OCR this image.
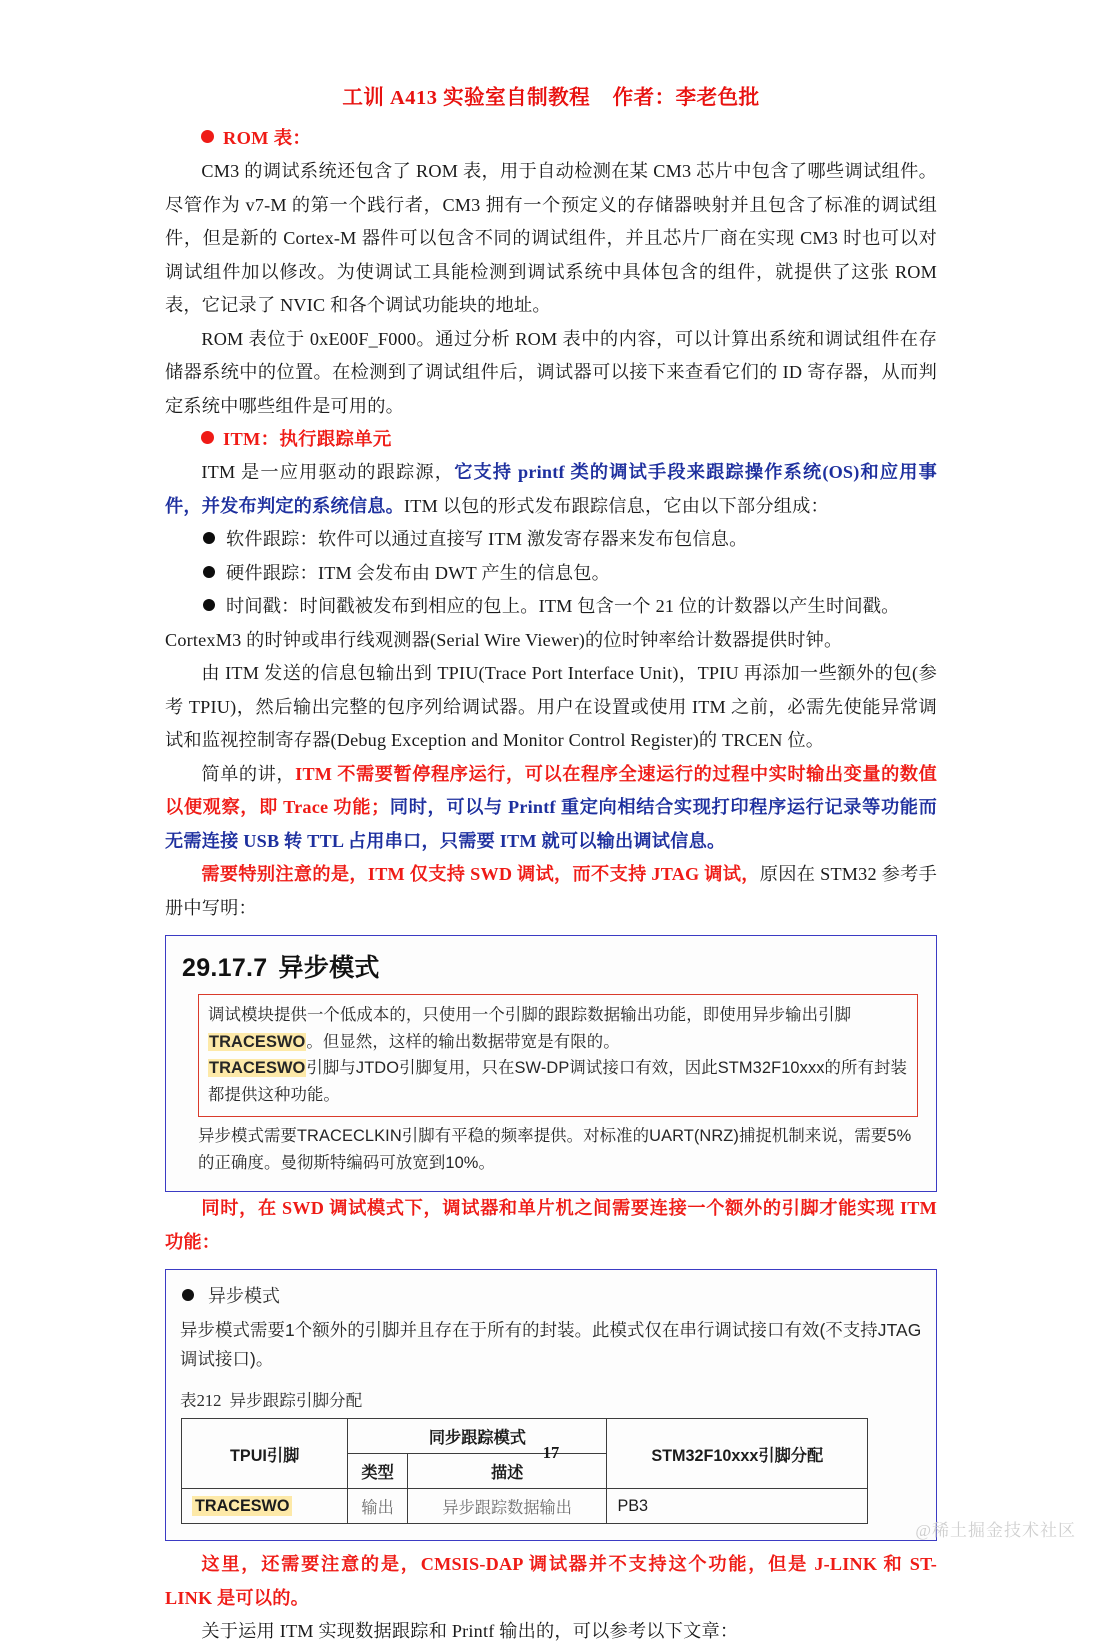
工训 A413 实验室自制教程    作者：李老色批

ROM 表：

CM3 的调试系统还包含了 ROM 表，用于自动检测在某 CM3 芯片中包含了哪些调试组件。尽管作为 v7-M 的第一个践行者，CM3 拥有一个预定义的存储器映射并且包含了标准的调试组件，但是新的 Cortex-M 器件可以包含不同的调试组件，并且芯片厂商在实现 CM3 时也可以对调试组件加以修改。为使调试工具能检测到调试系统中具体包含的组件，就提供了这张 ROM 表，它记录了 NVIC 和各个调试功能块的地址。

ROM 表位于 0xE00F_F000。通过分析 ROM 表中的内容，可以计算出系统和调试组件在存储器系统中的位置。在检测到了调试组件后，调试器可以接下来查看它们的 ID 寄存器，从而判定系统中哪些组件是可用的。

ITM：执行跟踪单元

ITM 是一应用驱动的跟踪源，它支持 printf 类的调试手段来跟踪操作系统(OS)和应用事件，并发布判定的系统信息。ITM 以包的形式发布跟踪信息，它由以下部分组成：

软件跟踪：软件可以通过直接写 ITM 激发寄存器来发布包信息。

硬件跟踪：ITM 会发布由 DWT 产生的信息包。

时间戳：时间戳被发布到相应的包上。ITM 包含一个 21 位的计数器以产生时间戳。

CortexM3 的时钟或串行线观测器(Serial Wire Viewer)的位时钟率给计数器提供时钟。

由 ITM 发送的信息包输出到 TPIU(Trace Port Interface Unit)，TPIU 再添加一些额外的包(参考 TPIU)，然后输出完整的包序列给调试器。用户在设置或使用 ITM 之前，必需先使能异常调试和监视控制寄存器(Debug Exception and Monitor Control Register)的 TRCEN 位。

简单的讲，ITM 不需要暂停程序运行，可以在程序全速运行的过程中实时输出变量的数值以便观察，即 Trace 功能；同时，可以与 Printf 重定向相结合实现打印程序运行记录等功能而无需连接 USB 转 TTL 占用串口，只需要 ITM 就可以输出调试信息。

需要特别注意的是，ITM 仅支持 SWD 调试，而不支持 JTAG 调试，原因在 STM32 参考手册中写明：

29.17.7 异步模式

调试模块提供一个低成本的，只使用一个引脚的跟踪数据输出功能，即使用异步输出引脚TRACESWO。但显然，这样的输出数据带宽是有限的。

TRACESWO引脚与JTDO引脚复用，只在SW-DP调试接口有效，因此STM32F10xxx的所有封装都提供这种功能。

异步模式需要TRACECLKIN引脚有平稳的频率提供。对标准的UART(NRZ)捕捉机制来说，需要5%的正确度。曼彻斯特编码可放宽到10%。

同时，在 SWD 调试模式下，调试器和单片机之间需要连接一个额外的引脚才能实现 ITM 功能：

异步模式

异步模式需要1个额外的引脚并且存在于所有的封装。此模式仅在串行调试接口有效(不支持JTAG调试接口)。

表212 异步跟踪引脚分配

TPUI引脚	同步跟踪模式		STM32F10xxx引脚分配
	类型	描述	
TRACESWO	输出	异步跟踪数据输出	PB3

这里，还需要注意的是，CMSIS-DAP 调试器并不支持这个功能，但是 J-LINK 和 ST-LINK 是可以的。

关于运用 ITM 实现数据跟踪和 Printf 输出的，可以参考以下文章：

17
@稀土掘金技术社区
